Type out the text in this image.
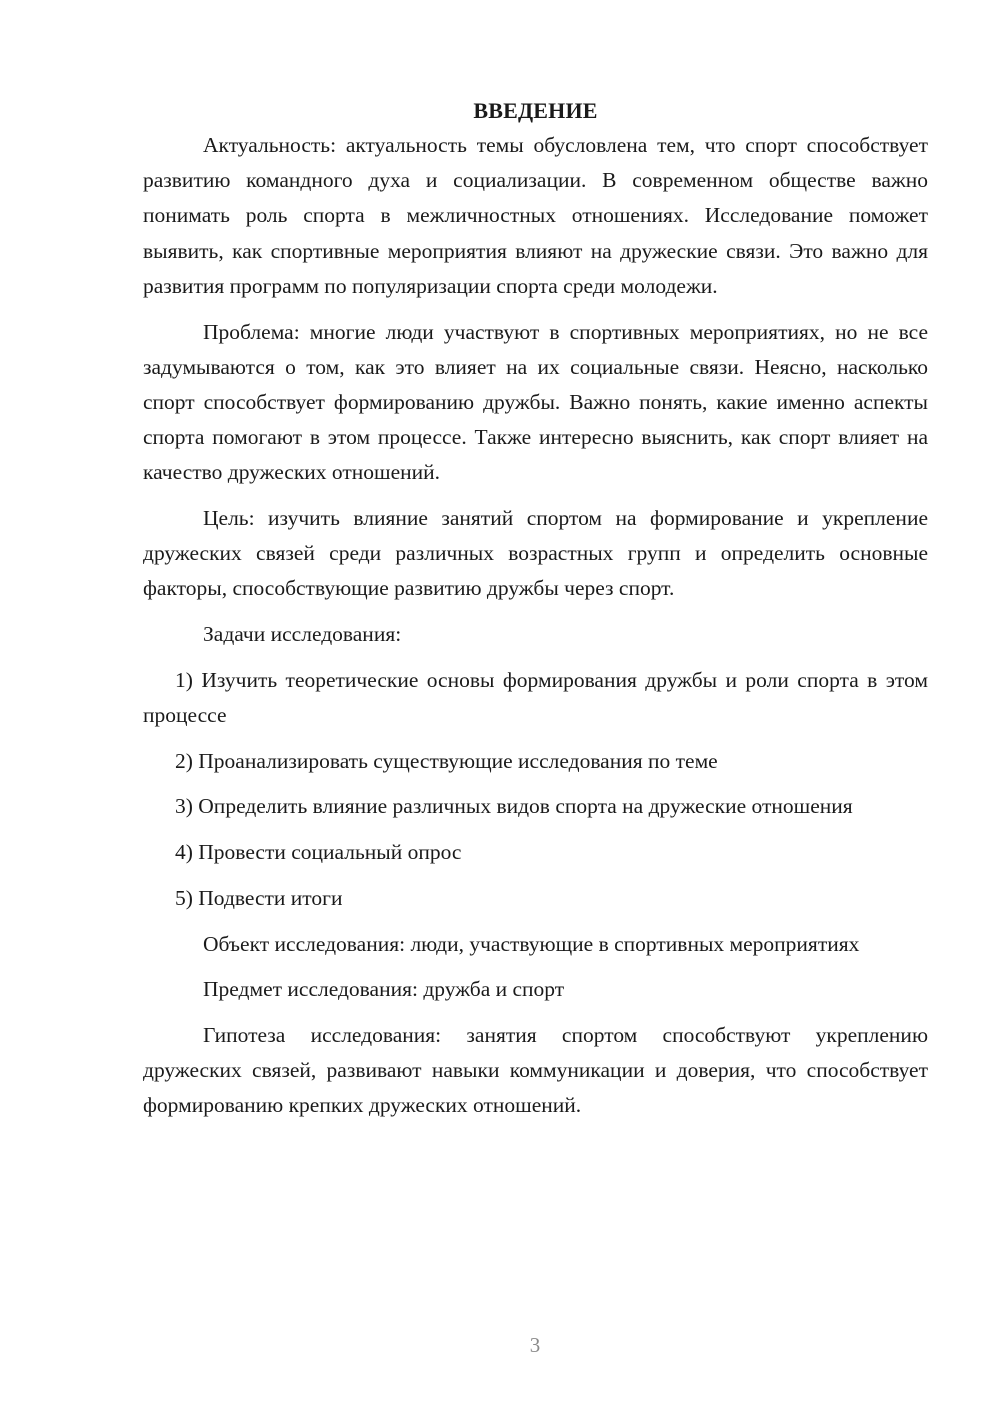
ВВЕДЕНИЕ

Актуальность: актуальность темы обусловлена тем, что спорт способствует развитию командного духа и социализации. В современном обществе важно понимать роль спорта в межличностных отношениях. Исследование поможет выявить, как спортивные мероприятия влияют на дружеские связи. Это важно для развития программ по популяризации спорта среди молодежи.

Проблема: многие люди участвуют в спортивных мероприятиях, но не все задумываются о том, как это влияет на их социальные связи. Неясно, насколько спорт способствует формированию дружбы. Важно понять, какие именно аспекты спорта помогают в этом процессе. Также интересно выяснить, как спорт влияет на качество дружеских отношений.

Цель: изучить влияние занятий спортом на формирование и укрепление дружеских связей среди различных возрастных групп и определить основные факторы, способствующие развитию дружбы через спорт.

Задачи исследования:

1) Изучить теоретические основы формирования дружбы и роли спорта в этом процессе

2) Проанализировать существующие исследования по теме

3) Определить влияние различных видов спорта на дружеские отношения

4) Провести социальный опрос

5) Подвести итоги

Объект исследования: люди, участвующие в спортивных мероприятиях

Предмет исследования: дружба и спорт

Гипотеза исследования: занятия спортом способствуют укреплению дружеских связей, развивают навыки коммуникации и доверия, что способствует формированию крепких дружеских отношений.

3
